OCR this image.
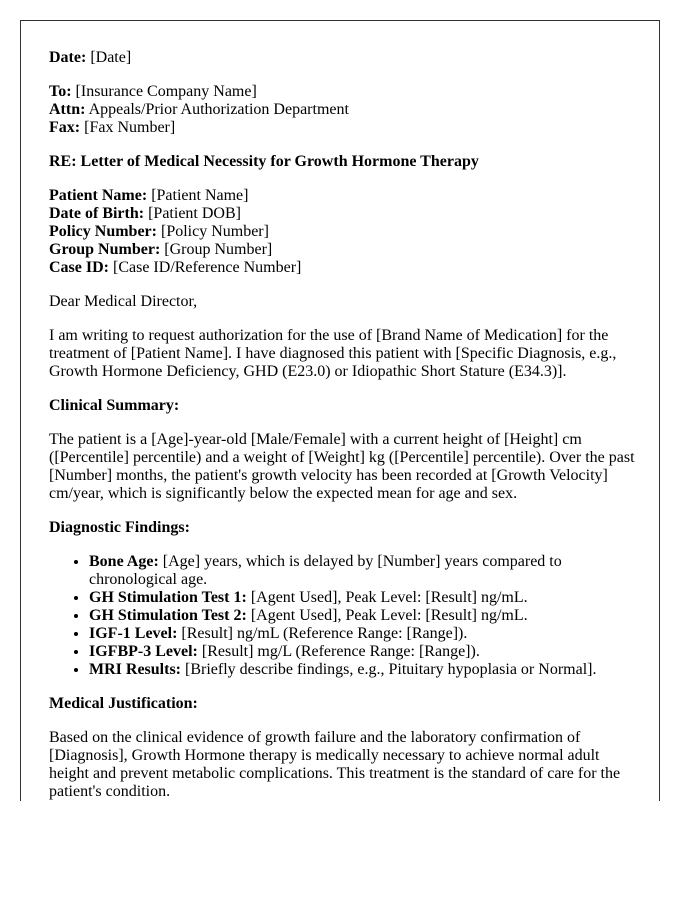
Date: [Date]

To: [Insurance Company Name]

Attn: Appeals/Prior Authorization Department

Fax: [Fax Number]

RE: Letter of Medical Necessity for Growth Hormone Therapy

Patient Name: [Patient Name]

Date of Birth: [Patient DOB]

Policy Number: [Policy Number]

Group Number: [Group Number]

Case ID: [Case ID/Reference Number]

Dear Medical Director,

I am writing to request authorization for the use of [Brand Name of Medication] for the treatment of [Patient Name]. I have diagnosed this patient with [Specific Diagnosis, e.g., Growth Hormone Deficiency, GHD (E23.0) or Idiopathic Short Stature (E34.3)].

Clinical Summary:

The patient is a [Age]-year-old [Male/Female] with a current height of [Height] cm ([Percentile] percentile) and a weight of [Weight] kg ([Percentile] percentile). Over the past [Number] months, the patient's growth velocity has been recorded at [Growth Velocity] cm/year, which is significantly below the expected mean for age and sex.

Diagnostic Findings:

• Bone Age: [Age] years, which is delayed by [Number] years compared to chronological age.
• GH Stimulation Test 1: [Agent Used], Peak Level: [Result] ng/mL.
• GH Stimulation Test 2: [Agent Used], Peak Level: [Result] ng/mL.
• IGF-1 Level: [Result] ng/mL (Reference Range: [Range]).
• IGFBP-3 Level: [Result] mg/L (Reference Range: [Range]).
• MRI Results: [Briefly describe findings, e.g., Pituitary hypoplasia or Normal].

Medical Justification:

Based on the clinical evidence of growth failure and the laboratory confirmation of [Diagnosis], Growth Hormone therapy is medically necessary to achieve normal adult height and prevent metabolic complications. This treatment is the standard of care for the patient's condition.
